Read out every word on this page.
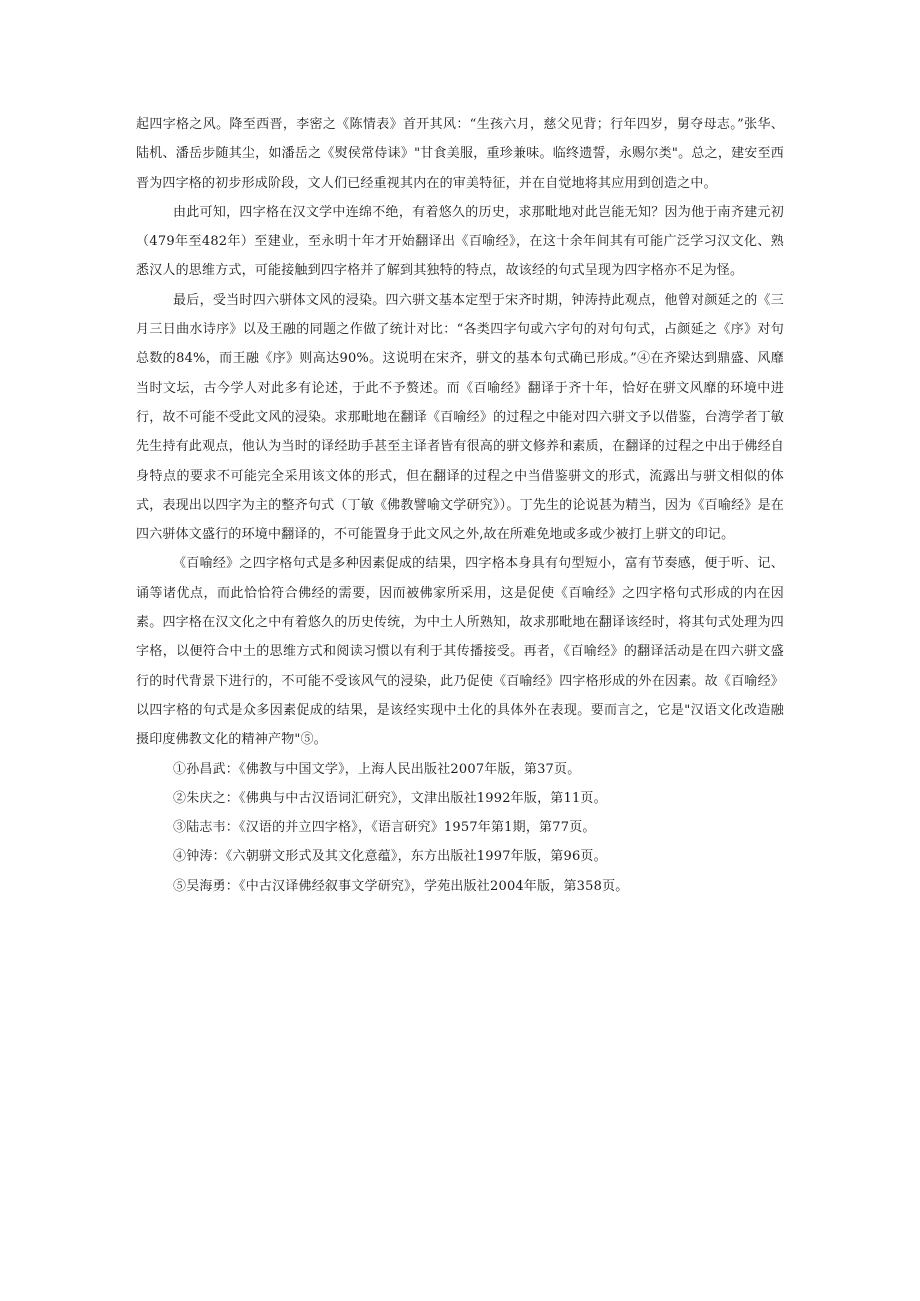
起四字格之风。降至西晋，李密之《陈情表》首开其风：“生孩六月，慈父见背；行年四岁，舅夺母志。”张华、陆机、潘岳步随其尘，如潘岳之《熨侯常侍诔》"甘食美服，重珍兼味。临终遗誓，永赐尔类"。总之，建安至西晋为四字格的初步形成阶段，文人们已经重视其内在的审美特征，并在自觉地将其应用到创造之中。

由此可知，四字格在汉文学中连绵不绝，有着悠久的历史，求那毗地对此岂能无知？因为他于南齐建元初（479年至482年）至建业，至永明十年才开始翻译出《百喻经》，在这十余年间其有可能广泛学习汉文化、熟悉汉人的思维方式，可能接触到四字格并了解到其独特的特点，故该经的句式呈现为四字格亦不足为怪。

最后，受当时四六骈体文风的浸染。四六骈文基本定型于宋齐时期，钟涛持此观点，他曾对颜延之的《三月三日曲水诗序》以及王融的同题之作做了统计对比：“各类四字句或六字句的对句句式，占颜延之《序》对句总数的84%，而王融《序》则高达90%。这说明在宋齐，骈文的基本句式确已形成。”④在齐梁达到鼎盛、风靡当时文坛，古今学人对此多有论述，于此不予赘述。而《百喻经》翻译于齐十年，恰好在骈文风靡的环境中进行，故不可能不受此文风的浸染。求那毗地在翻译《百喻经》的过程之中能对四六骈文予以借鉴，台湾学者丁敏先生持有此观点，他认为当时的译经助手甚至主译者皆有很高的骈文修养和素质，在翻译的过程之中出于佛经自身特点的要求不可能完全采用该文体的形式，但在翻译的过程之中当借鉴骈文的形式，流露出与骈文相似的体式，表现出以四字为主的整齐句式（丁敏《佛教譬喻文学研究》）。丁先生的论说甚为精当，因为《百喻经》是在四六骈体文盛行的环境中翻译的，不可能置身于此文风之外,故在所难免地或多或少被打上骈文的印记。

《百喻经》之四字格句式是多种因素促成的结果，四字格本身具有句型短小，富有节奏感，便于听、记、诵等诸优点，而此恰恰符合佛经的需要，因而被佛家所采用，这是促使《百喻经》之四字格句式形成的内在因素。四字格在汉文化之中有着悠久的历史传统，为中土人所熟知，故求那毗地在翻译该经时，将其句式处理为四字格，以便符合中土的思维方式和阅读习惯以有利于其传播接受。再者，《百喻经》的翻译活动是在四六骈文盛行的时代背景下进行的，不可能不受该风气的浸染，此乃促使《百喻经》四字格形成的外在因素。故《百喻经》以四字格的句式是众多因素促成的结果，是该经实现中土化的具体外在表现。要而言之，它是"汉语文化改造融摄印度佛教文化的精神产物"⑤。

①孙昌武：《佛教与中国文学》，上海人民出版社2007年版，第37页。
②朱庆之：《佛典与中古汉语词汇研究》，文津出版社1992年版，第11页。
③陆志韦：《汉语的并立四字格》，《语言研究》1957年第1期，第77页。
④钟涛：《六朝骈文形式及其文化意蕴》，东方出版社1997年版，第96页。
⑤吴海勇：《中古汉译佛经叙事文学研究》，学苑出版社2004年版，第358页。
